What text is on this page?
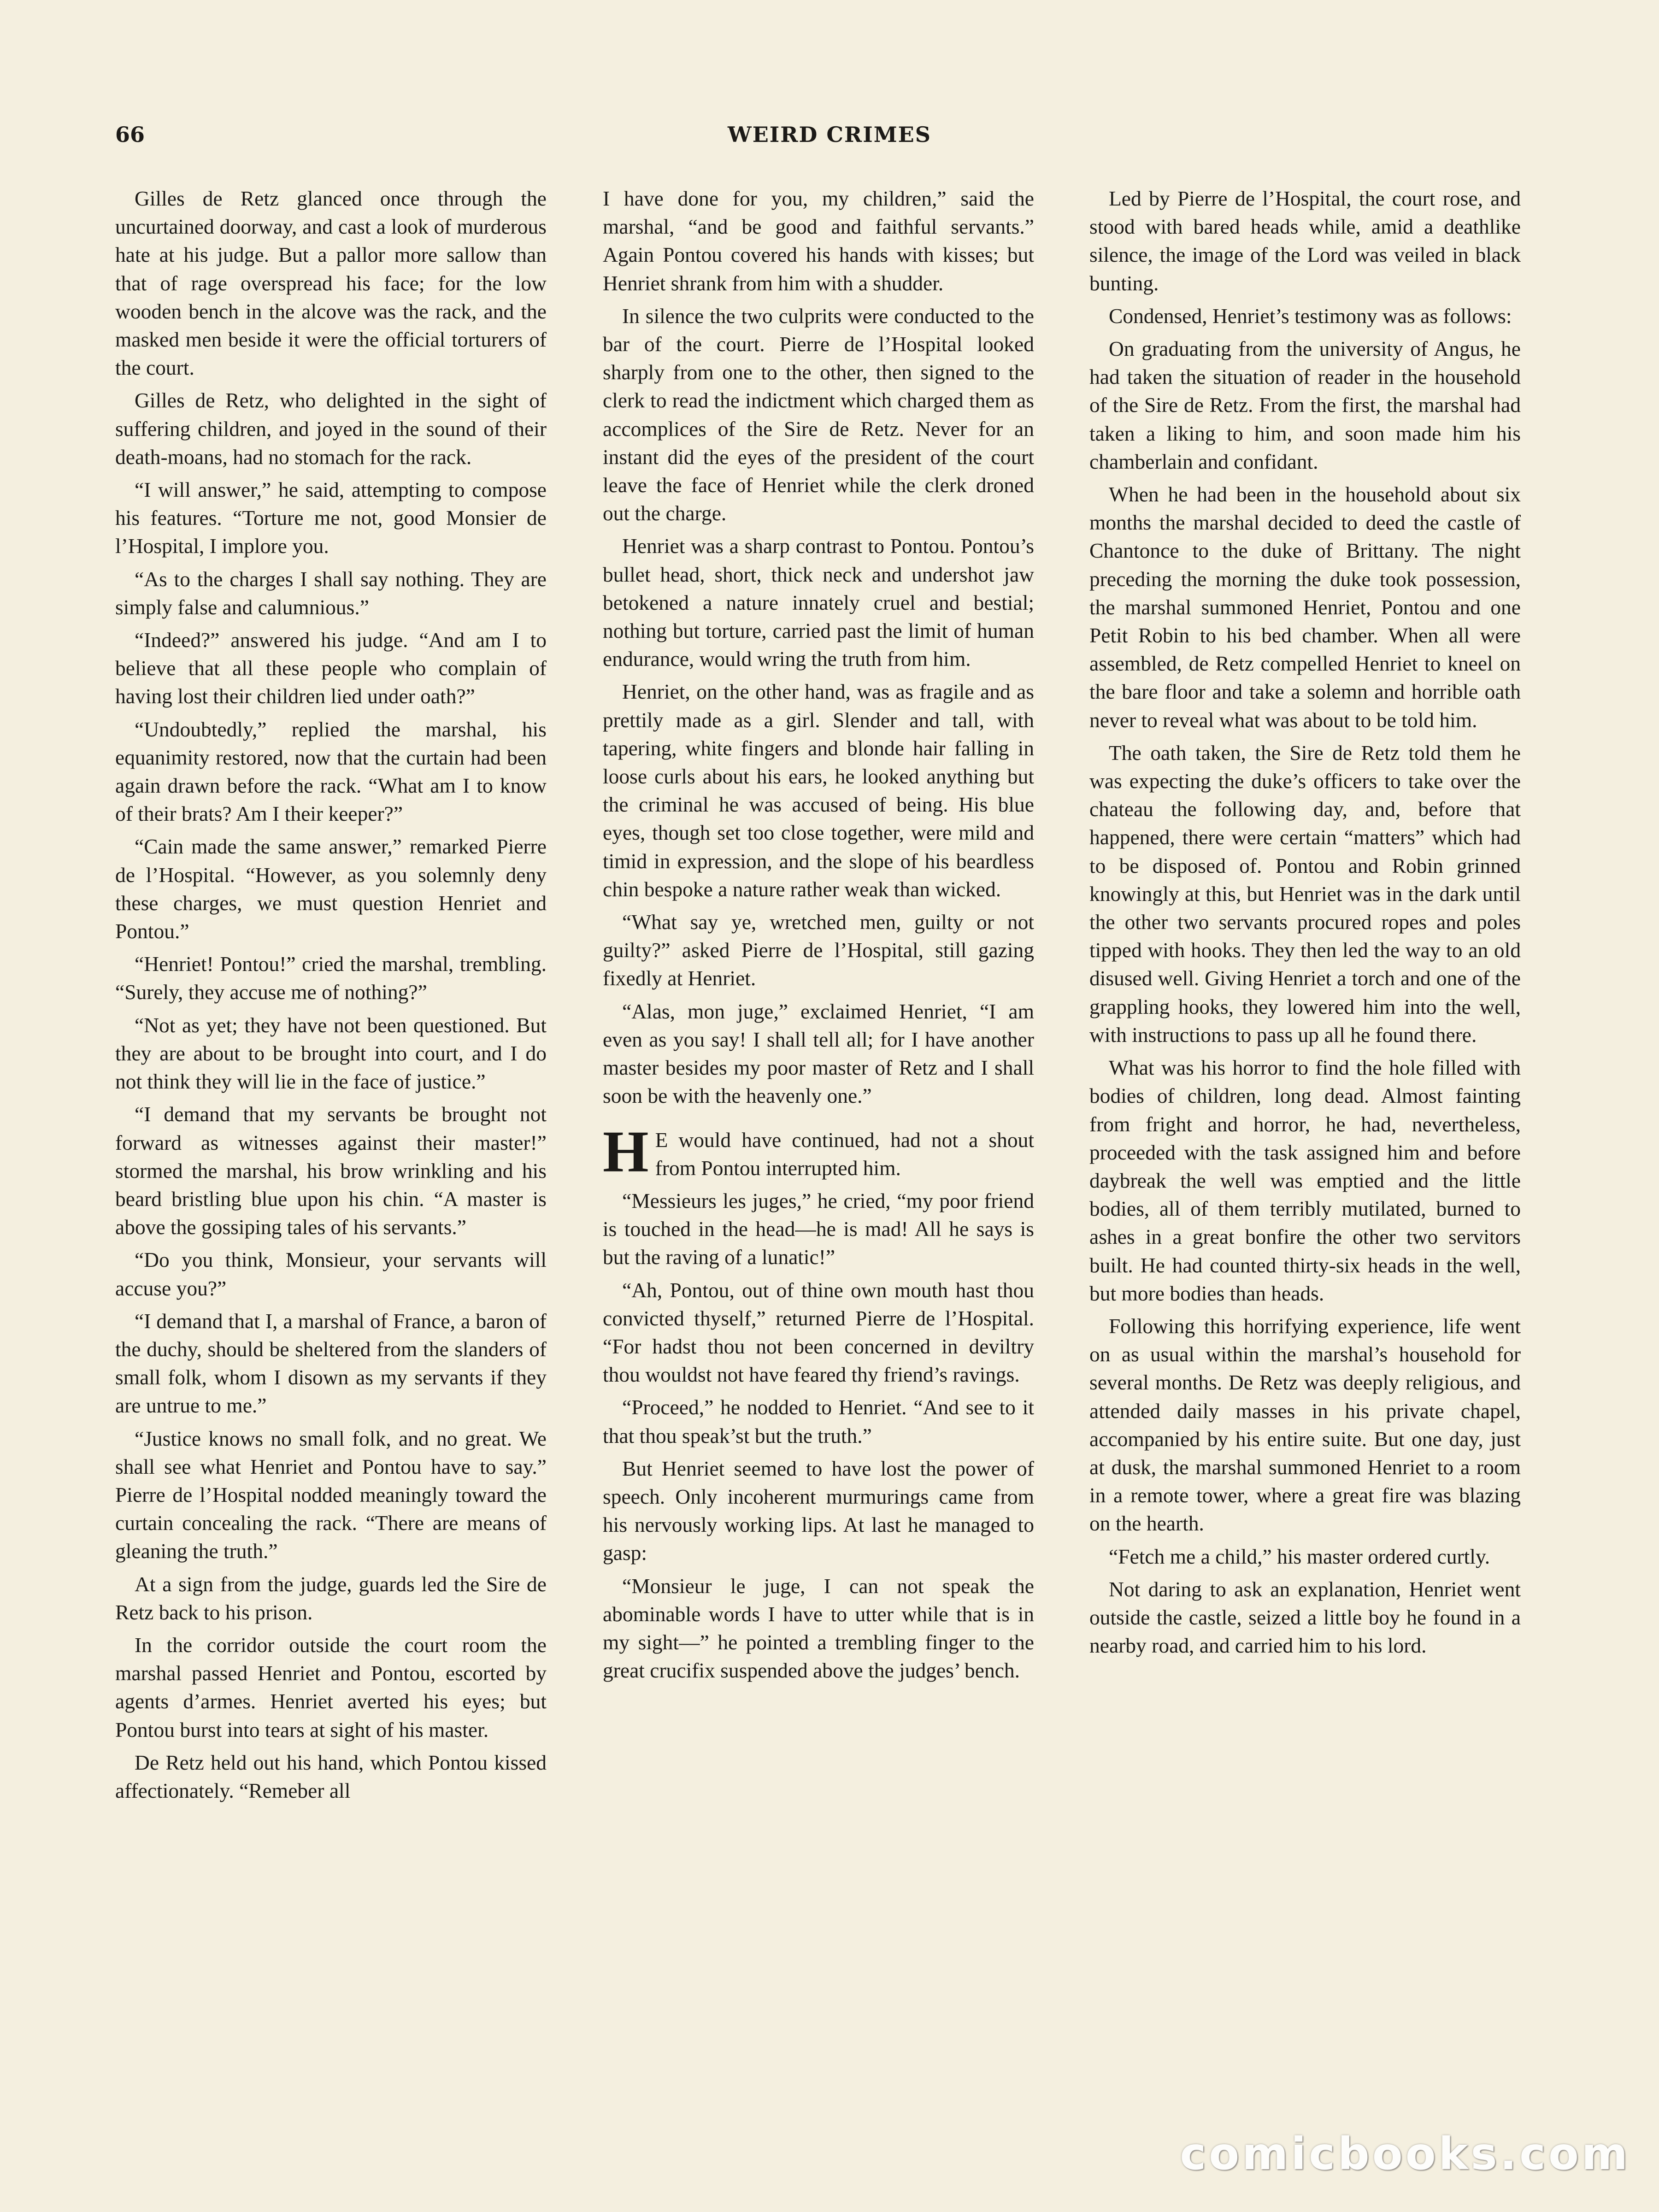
66	WEIRD CRIMES

Gilles de Retz glanced once through the uncurtained doorway, and cast a look of murderous hate at his judge. But a pallor more sallow than that of rage overspread his face; for the low wooden bench in the alcove was the rack, and the masked men beside it were the official torturers of the court.

Gilles de Retz, who delighted in the sight of suffering children, and joyed in the sound of their death-moans, had no stomach for the rack.

“I will answer,” he said, attempting to compose his features. “Torture me not, good Monsier de l’Hospital, I implore you.

“As to the charges I shall say nothing. They are simply false and calumnious.”

“Indeed?” answered his judge. “And am I to believe that all these people who complain of having lost their children lied under oath?”

“Undoubtedly,” replied the marshal, his equanimity restored, now that the curtain had been again drawn before the rack. “What am I to know of their brats? Am I their keeper?”

“Cain made the same answer,” remarked Pierre de l’Hospital. “However, as you solemnly deny these charges, we must question Henriet and Pontou.”

“Henriet! Pontou!” cried the marshal, trembling. “Surely, they accuse me of nothing?”

“Not as yet; they have not been questioned. But they are about to be brought into court, and I do not think they will lie in the face of justice.”

“I demand that my servants be brought not forward as witnesses against their master!” stormed the marshal, his brow wrinkling and his beard bristling blue upon his chin. “A master is above the gossiping tales of his servants.”

“Do you think, Monsieur, your servants will accuse you?”

“I demand that I, a marshal of France, a baron of the duchy, should be sheltered from the slanders of small folk, whom I disown as my servants if they are untrue to me.”

“Justice knows no small folk, and no great. We shall see what Henriet and Pontou have to say.” Pierre de l’Hospital nodded meaningly toward the curtain concealing the rack. “There are means of gleaning the truth.”

At a sign from the judge, guards led the Sire de Retz back to his prison.

In the corridor outside the court room the marshal passed Henriet and Pontou, escorted by agents d’armes. Henriet averted his eyes; but Pontou burst into tears at sight of his master.

De Retz held out his hand, which Pontou kissed affectionately. “Remeber all

I have done for you, my children,” said the marshal, “and be good and faithful servants.” Again Pontou covered his hands with kisses; but Henriet shrank from him with a shudder.

In silence the two culprits were conducted to the bar of the court. Pierre de l’Hospital looked sharply from one to the other, then signed to the clerk to read the indictment which charged them as accomplices of the Sire de Retz. Never for an instant did the eyes of the president of the court leave the face of Henriet while the clerk droned out the charge.

Henriet was a sharp contrast to Pontou. Pontou’s bullet head, short, thick neck and undershot jaw betokened a nature innately cruel and bestial; nothing but torture, carried past the limit of human endurance, would wring the truth from him.

Henriet, on the other hand, was as fragile and as prettily made as a girl. Slender and tall, with tapering, white fingers and blonde hair falling in loose curls about his ears, he looked anything but the criminal he was accused of being. His blue eyes, though set too close together, were mild and timid in expression, and the slope of his beardless chin bespoke a nature rather weak than wicked.

“What say ye, wretched men, guilty or not guilty?” asked Pierre de l’Hospital, still gazing fixedly at Henriet.

“Alas, mon juge,” exclaimed Henriet, “I am even as you say! I shall tell all; for I have another master besides my poor master of Retz and I shall soon be with the heavenly one.”

H E would have continued, had not a shout from Pontou interrupted him.

“Messieurs les juges,” he cried, “my poor friend is touched in the head—he is mad! All he says is but the raving of a lunatic!”

“Ah, Pontou, out of thine own mouth hast thou convicted thyself,” returned Pierre de l’Hospital. “For hadst thou not been concerned in deviltry thou wouldst not have feared thy friend’s ravings.

“Proceed,” he nodded to Henriet. “And see to it that thou speak’st but the truth.”

But Henriet seemed to have lost the power of speech. Only incoherent murmurings came from his nervously working lips. At last he managed to gasp:

“Monsieur le juge, I can not speak the abominable words I have to utter while that is in my sight—” he pointed a trembling finger to the great crucifix suspended above the judges’ bench.

Led by Pierre de l’Hospital, the court rose, and stood with bared heads while, amid a deathlike silence, the image of the Lord was veiled in black bunting.

Condensed, Henriet’s testimony was as follows:

On graduating from the university of Angus, he had taken the situation of reader in the household of the Sire de Retz. From the first, the marshal had taken a liking to him, and soon made him his chamberlain and confidant.

When he had been in the household about six months the marshal decided to deed the castle of Chantonce to the duke of Brittany. The night preceding the morning the duke took possession, the marshal summoned Henriet, Pontou and one Petit Robin to his bed chamber. When all were assembled, de Retz compelled Henriet to kneel on the bare floor and take a solemn and horrible oath never to reveal what was about to be told him.

The oath taken, the Sire de Retz told them he was expecting the duke’s officers to take over the chateau the following day, and, before that happened, there were certain “matters” which had to be disposed of. Pontou and Robin grinned knowingly at this, but Henriet was in the dark until the other two servants procured ropes and poles tipped with hooks. They then led the way to an old disused well. Giving Henriet a torch and one of the grappling hooks, they lowered him into the well, with instructions to pass up all he found there.

What was his horror to find the hole filled with bodies of children, long dead. Almost fainting from fright and horror, he had, nevertheless, proceeded with the task assigned him and before daybreak the well was emptied and the little bodies, all of them terribly mutilated, burned to ashes in a great bonfire the other two servitors built. He had counted thirty-six heads in the well, but more bodies than heads.

Following this horrifying experience, life went on as usual within the marshal’s household for several months. De Retz was deeply religious, and attended daily masses in his private chapel, accompanied by his entire suite. But one day, just at dusk, the marshal summoned Henriet to a room in a remote tower, where a great fire was blazing on the hearth.

“Fetch me a child,” his master ordered curtly.

Not daring to ask an explanation, Henriet went outside the castle, seized a little boy he found in a nearby road, and carried him to his lord.

comicbooks.com
